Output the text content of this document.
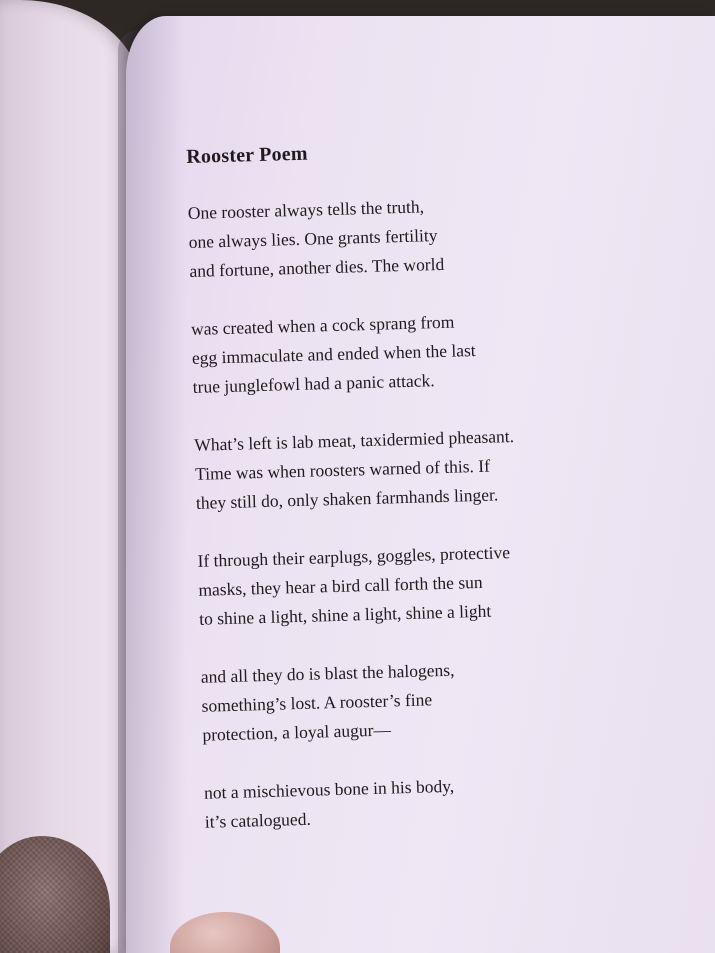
Rooster Poem
One rooster always tells the truth,
one always lies. One grants fertility
and fortune, another dies. The world
was created when a cock sprang from
egg immaculate and ended when the last
true junglefowl had a panic attack.
What’s left is lab meat, taxidermied pheasant.
Time was when roosters warned of this. If
they still do, only shaken farmhands linger.
If through their earplugs, goggles, protective
masks, they hear a bird call forth the sun
to shine a light, shine a light, shine a light
and all they do is blast the halogens,
something’s lost. A rooster’s fine
protection, a loyal augur—
not a mischievous bone in his body,
it’s catalogued.
